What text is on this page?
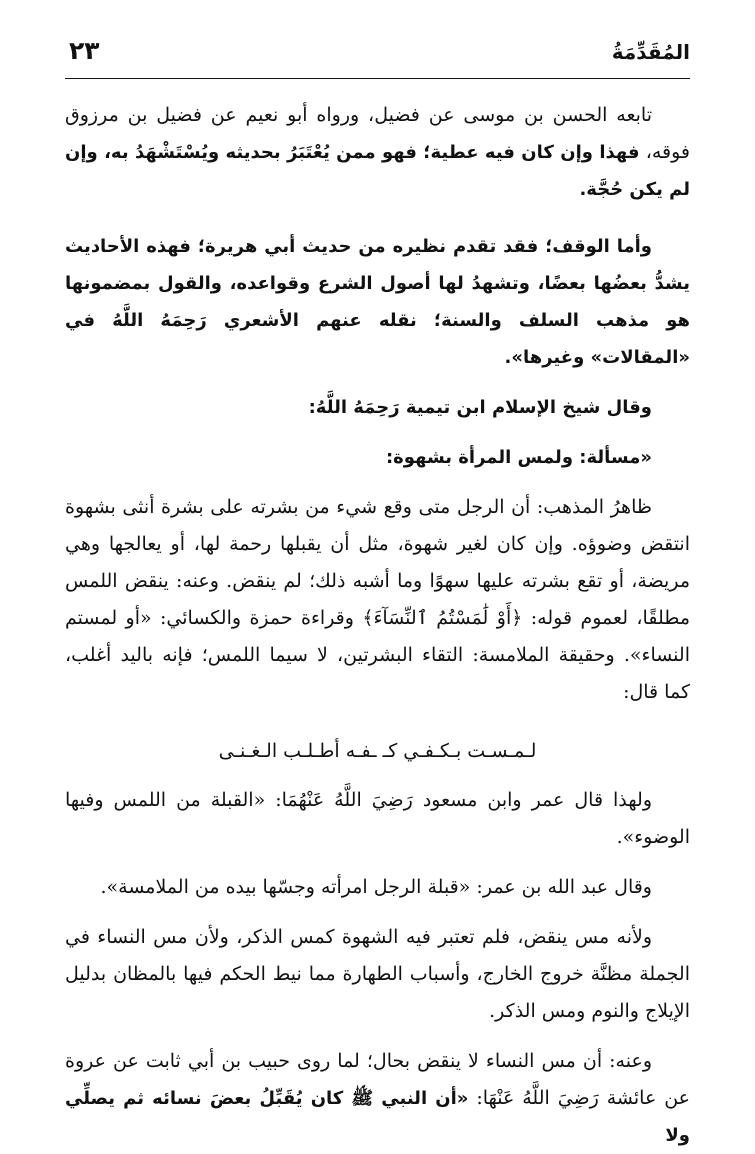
المُقَدِّمَةُ
٢٣

تابعه الحسن بن موسى عن فضيل، ورواه أبو نعيم عن فضيل بن مرزوق فوقه، فهذا وإن كان فيه عطية؛ فهو ممن يُعْتَبَرُ بحديثه ويُسْتَشْهَدُ به، وإن لم يكن حُجَّة.

وأما الوقف؛ فقد تقدم نظيره من حديث أبي هريرة؛ فهذه الأحاديث يشدُّ بعضُها بعضًا، وتشهدُ لها أصول الشرع وقواعده، والقول بمضمونها هو مذهب السلف والسنة؛ نقله عنهم الأشعري رَحِمَهُ اللَّهُ في «المقالات» وغيرها».

وقال شيخ الإسلام ابن تيمية رَحِمَهُ اللَّهُ:

«مسألة: ولمس المرأة بشهوة:

ظاهرُ المذهب: أن الرجل متى وقع شيء من بشرته على بشرة أنثى بشهوة انتقض وضوؤه. وإن كان لغير شهوة، مثل أن يقبلها رحمة لها، أو يعالجها وهي مريضة، أو تقع بشرته عليها سهوًا وما أشبه ذلك؛ لم ينقض. وعنه: ينقض اللمس مطلقًا، لعموم قوله: ﴿أَوْ لَٰمَسْتُمُ ٱلنِّسَآءَ﴾ وقراءة حمزة والكسائي: «أو لمستم النساء». وحقيقة الملامسة: التقاء البشرتين، لا سيما اللمس؛ فإنه باليد أغلب، كما قال:

لـمـسـت بـكـفـي كـ ـفـه أطـلـب الـغـنـى

ولهذا قال عمر وابن مسعود رَضِيَ اللَّهُ عَنْهُمَا: «القبلة من اللمس وفيها الوضوء».

وقال عبد الله بن عمر: «قبلة الرجل امرأته وجسّها بيده من الملامسة».

ولأنه مس ينقض، فلم تعتبر فيه الشهوة كمس الذكر، ولأن مس النساء في الجملة مظنَّة خروج الخارج، وأسباب الطهارة مما نيط الحكم فيها بالمظان بدليل الإيلاج والنوم ومس الذكر.

وعنه: أن مس النساء لا ينقض بحال؛ لما روى حبيب بن أبي ثابت عن عروة عن عائشة رَضِيَ اللَّهُ عَنْهَا: «أن النبي ﷺ كان يُقَبِّلُ بعضَ نسائه ثم يصلِّي ولا
